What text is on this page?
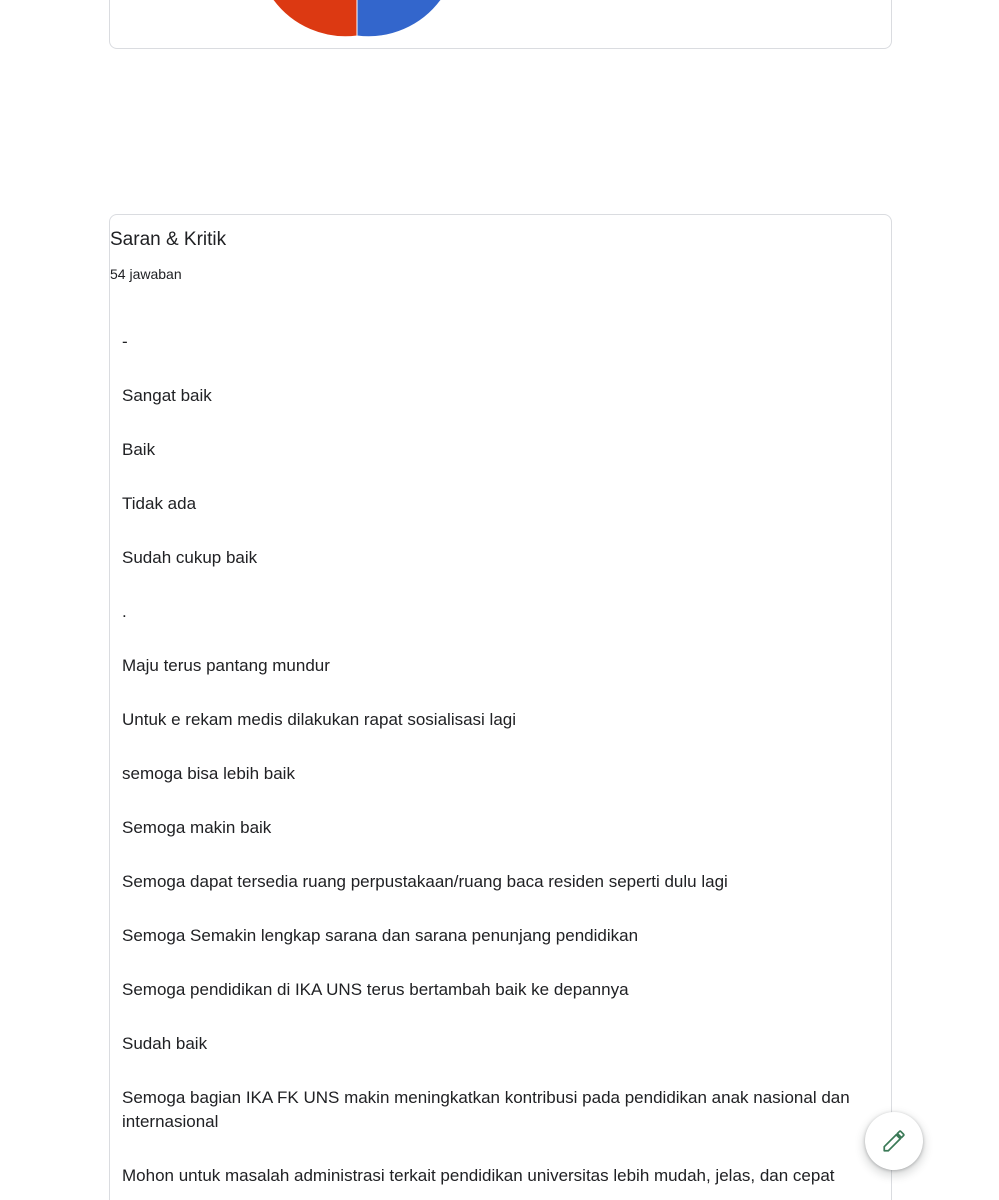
Saran & Kritik
54 jawaban
-
Sangat baik
Baik
Tidak ada
Sudah cukup baik
.
Maju terus pantang mundur
Untuk e rekam medis dilakukan rapat sosialisasi lagi
semoga bisa lebih baik
Semoga makin baik
Semoga dapat tersedia ruang perpustakaan/ruang baca residen seperti dulu lagi
Semoga Semakin lengkap sarana dan sarana penunjang pendidikan
Semoga pendidikan di IKA UNS terus bertambah baik ke depannya
Sudah baik
Semoga bagian IKA FK UNS makin meningkatkan kontribusi pada pendidikan anak nasional dan internasional
Mohon untuk masalah administrasi terkait pendidikan universitas lebih mudah, jelas, dan cepat
